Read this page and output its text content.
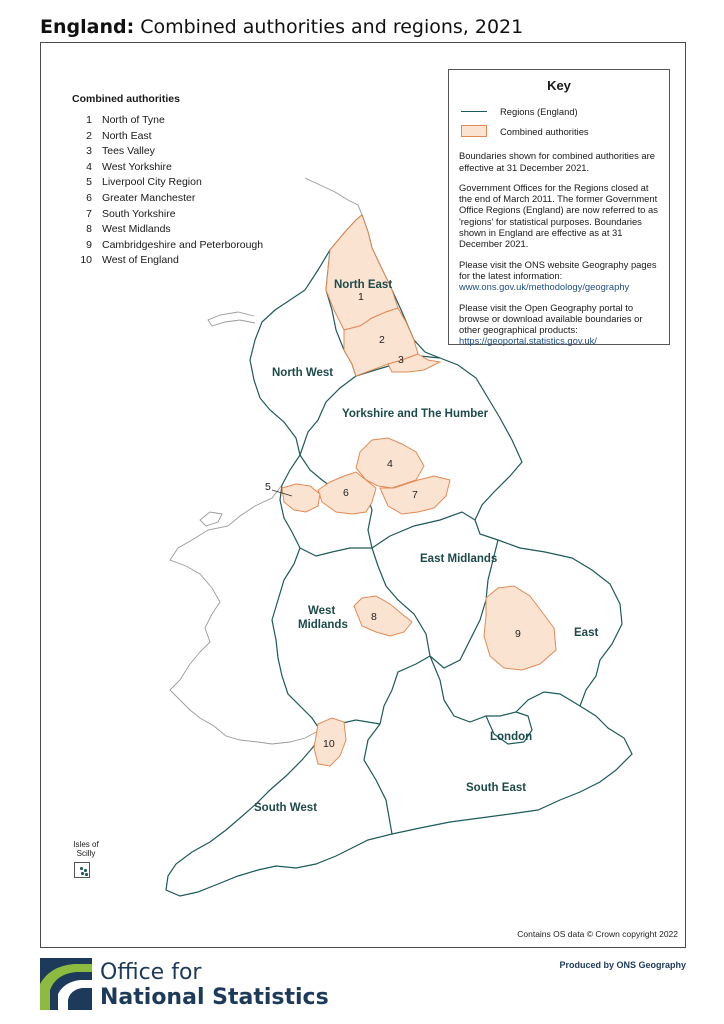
England: Combined authorities and regions, 2021
Combined authorities
1 North of Tyne
2 North East
3 Tees Valley
4 West Yorkshire
5 Liverpool City Region
6 Greater Manchester
7 South Yorkshire
8 West Midlands
9 Cambridgeshire and Peterborough
10 West of England
Key
Regions (England)
Combined authorities

Boundaries shown for combined authorities are effective at 31 December 2021.

Government Offices for the Regions closed at the end of March 2011. The former Government Office Regions (England) are now referred to as 'regions' for statistical purposes. Boundaries shown in England are effective as at 31 December 2021.

Please visit the ONS website Geography pages for the latest information:
www.ons.gov.uk/methodology/geography

Please visit the Open Geography portal to browse or download available boundaries or other geographical products:
https://geoportal.statistics.gov.uk/

North East
North West
Yorkshire and The Humber
East Midlands
West
Midlands
East
London
South East
South West
1
2
3
4
5	6	7
8
9
10
Isles of
Scilly
Contains OS data © Crown copyright 2022
Produced by ONS Geography
Office for
National Statistics
